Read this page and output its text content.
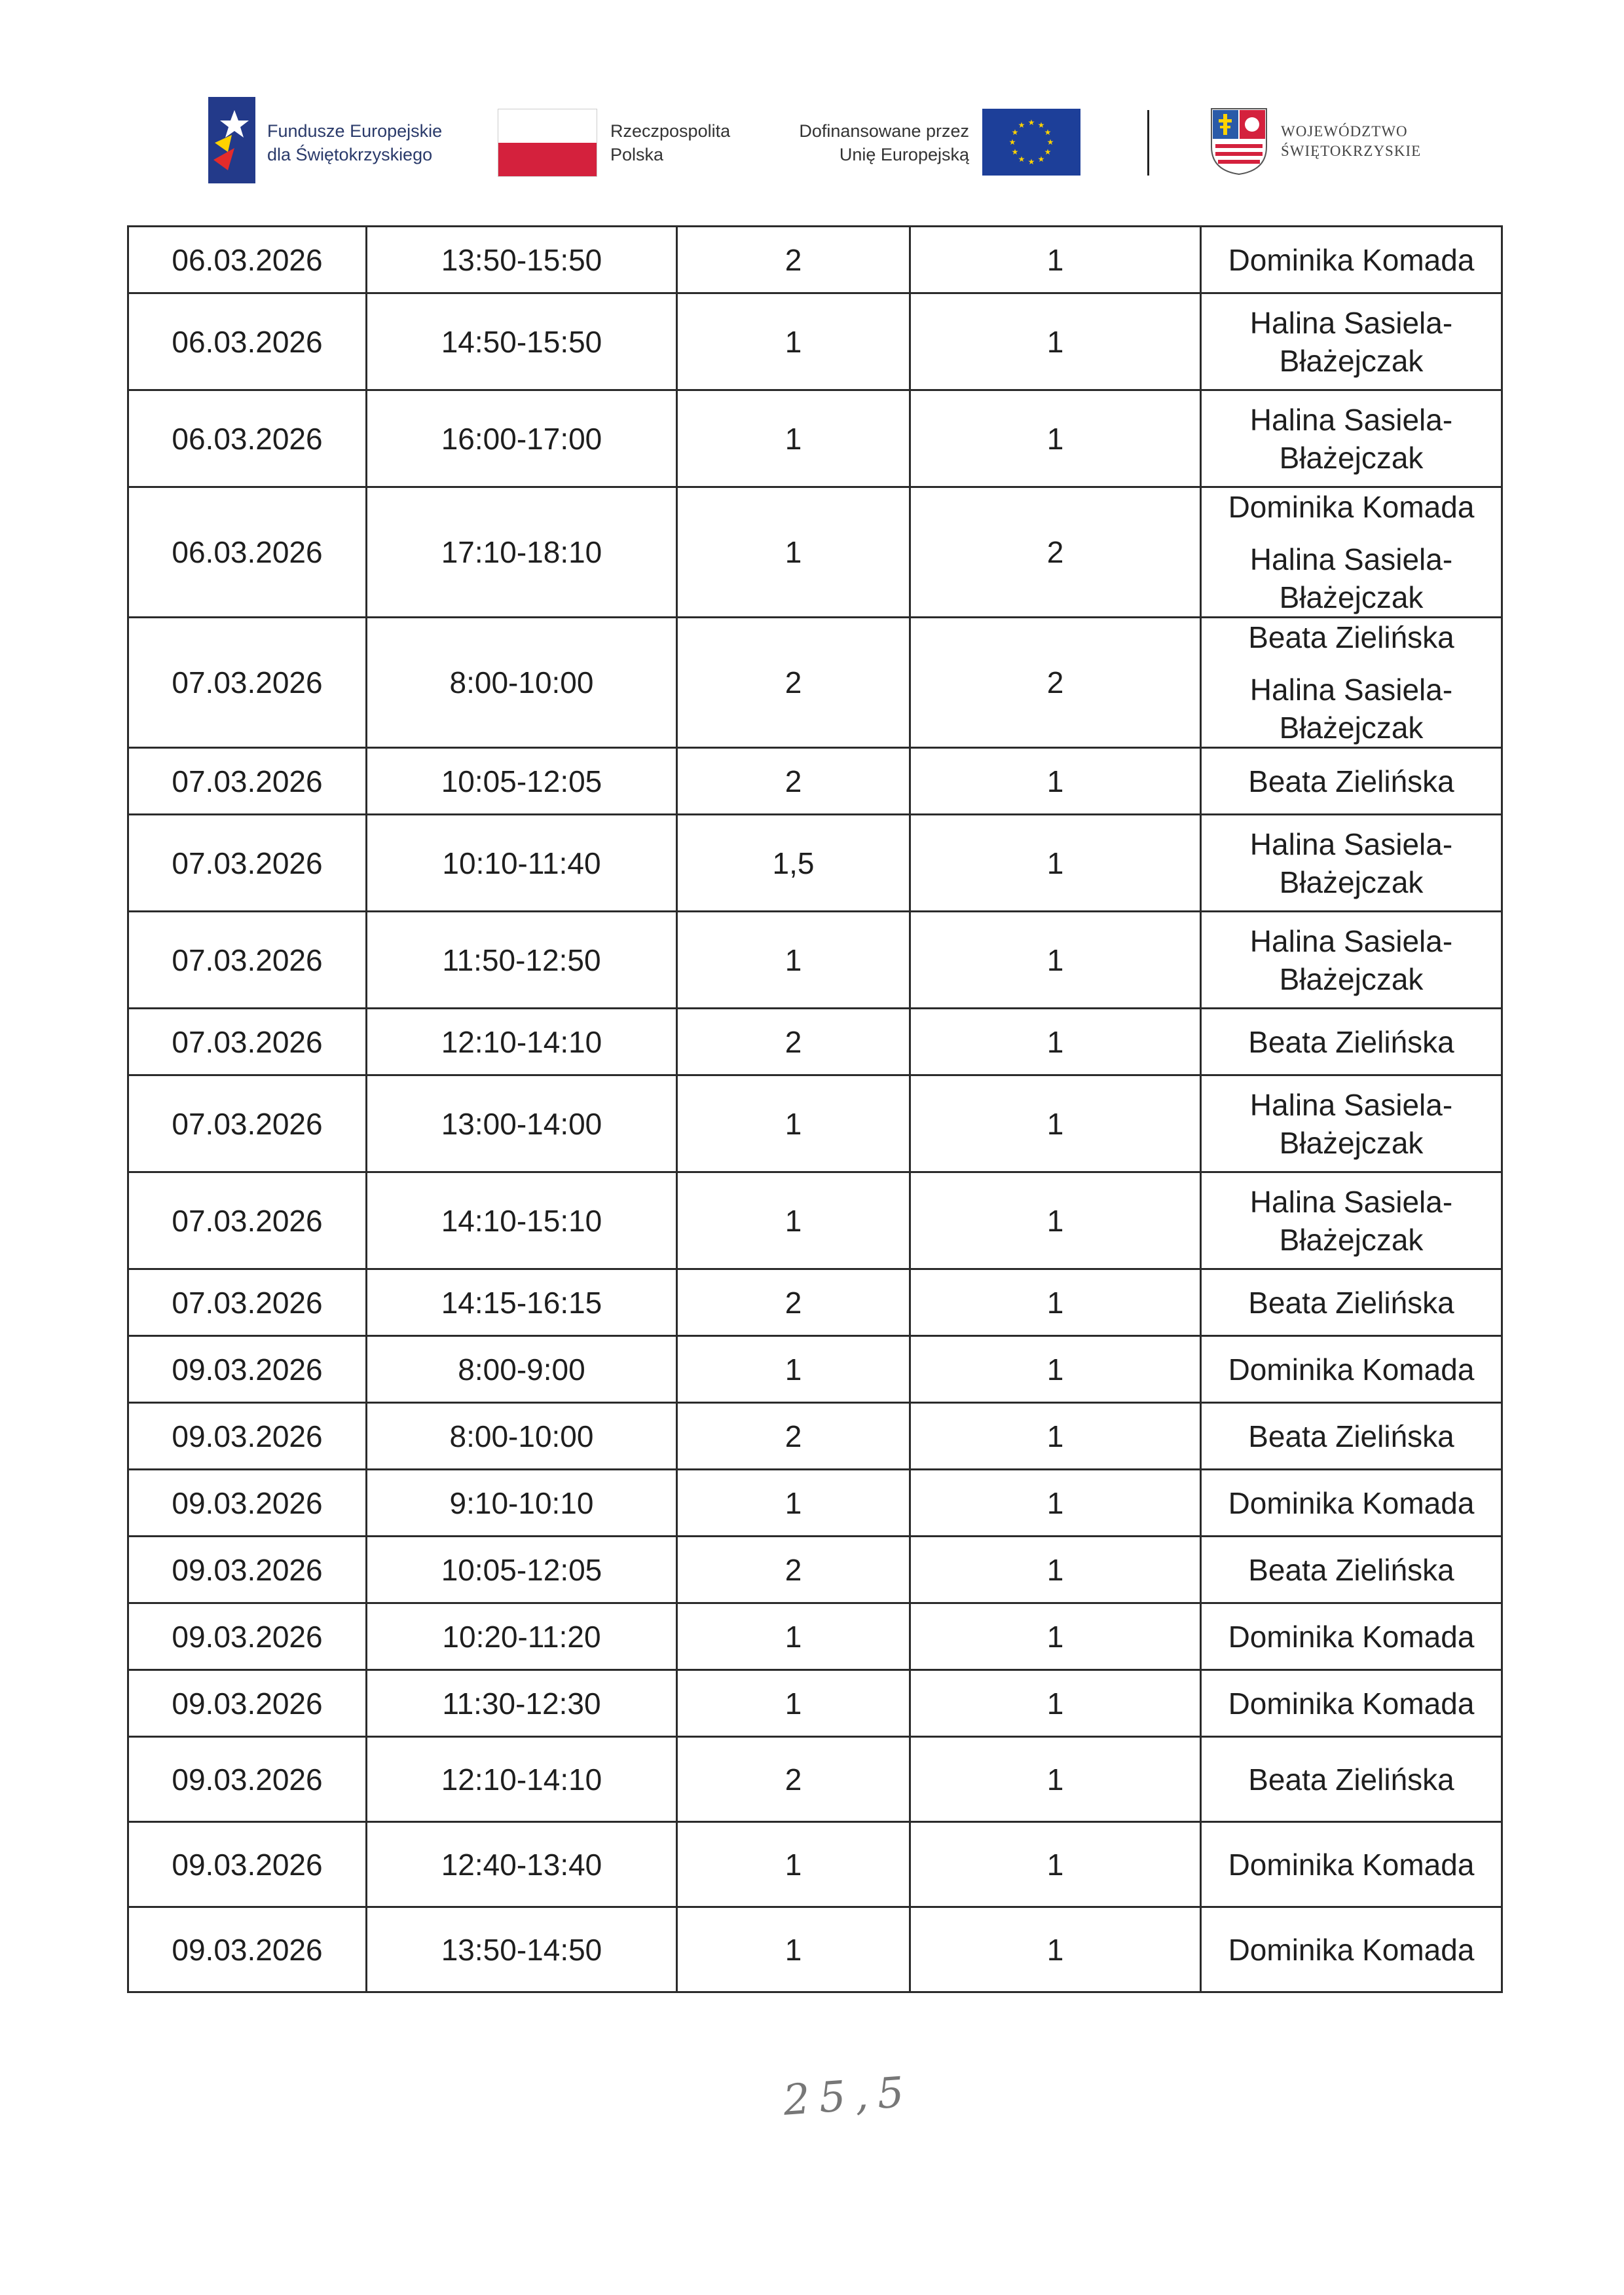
Fundusze Europejskie
dla Świętokrzyskiego
Rzeczpospolita
Polska
Dofinansowane przez
Unię Europejską
★ ★
★
★
★
★
★
★
★
★
★
★	WOJEWÓDZTWO
ŚWIĘTOKRZYSKIE
06.03.2026	13:50-15:50	2	1	Dominika Komada

06.03.2026	14:50-15:50	1	1	Halina Sasiela-Błażejczak

06.03.2026	16:00-17:00	1	1	Halina Sasiela-Błażejczak

06.03.2026	17:10-18:10	1	2	Dominika Komada
Halina Sasiela-Błażejczak

07.03.2026	8:00-10:00	2	2	Beata Zielińska
Halina Sasiela-Błażejczak

07.03.2026	10:05-12:05	2	1	Beata Zielińska

07.03.2026	10:10-11:40	1,5	1	Halina Sasiela-Błażejczak

07.03.2026	11:50-12:50	1	1	Halina Sasiela-Błażejczak

07.03.2026	12:10-14:10	2	1	Beata Zielińska

07.03.2026	13:00-14:00	1	1	Halina Sasiela-Błażejczak

07.03.2026	14:10-15:10	1	1	Halina Sasiela-Błażejczak

07.03.2026	14:15-16:15	2	1	Beata Zielińska

09.03.2026	8:00-9:00	1	1	Dominika Komada

09.03.2026	8:00-10:00	2	1	Beata Zielińska

09.03.2026	9:10-10:10	1	1	Dominika Komada

09.03.2026	10:05-12:05	2	1	Beata Zielińska

09.03.2026	10:20-11:20	1	1	Dominika Komada

09.03.2026	11:30-12:30	1	1	Dominika Komada

09.03.2026	12:10-14:10	2	1	Beata Zielińska

09.03.2026	12:40-13:40	1	1	Dominika Komada

09.03.2026	13:50-14:50	1	1	Dominika Komada
25,5
